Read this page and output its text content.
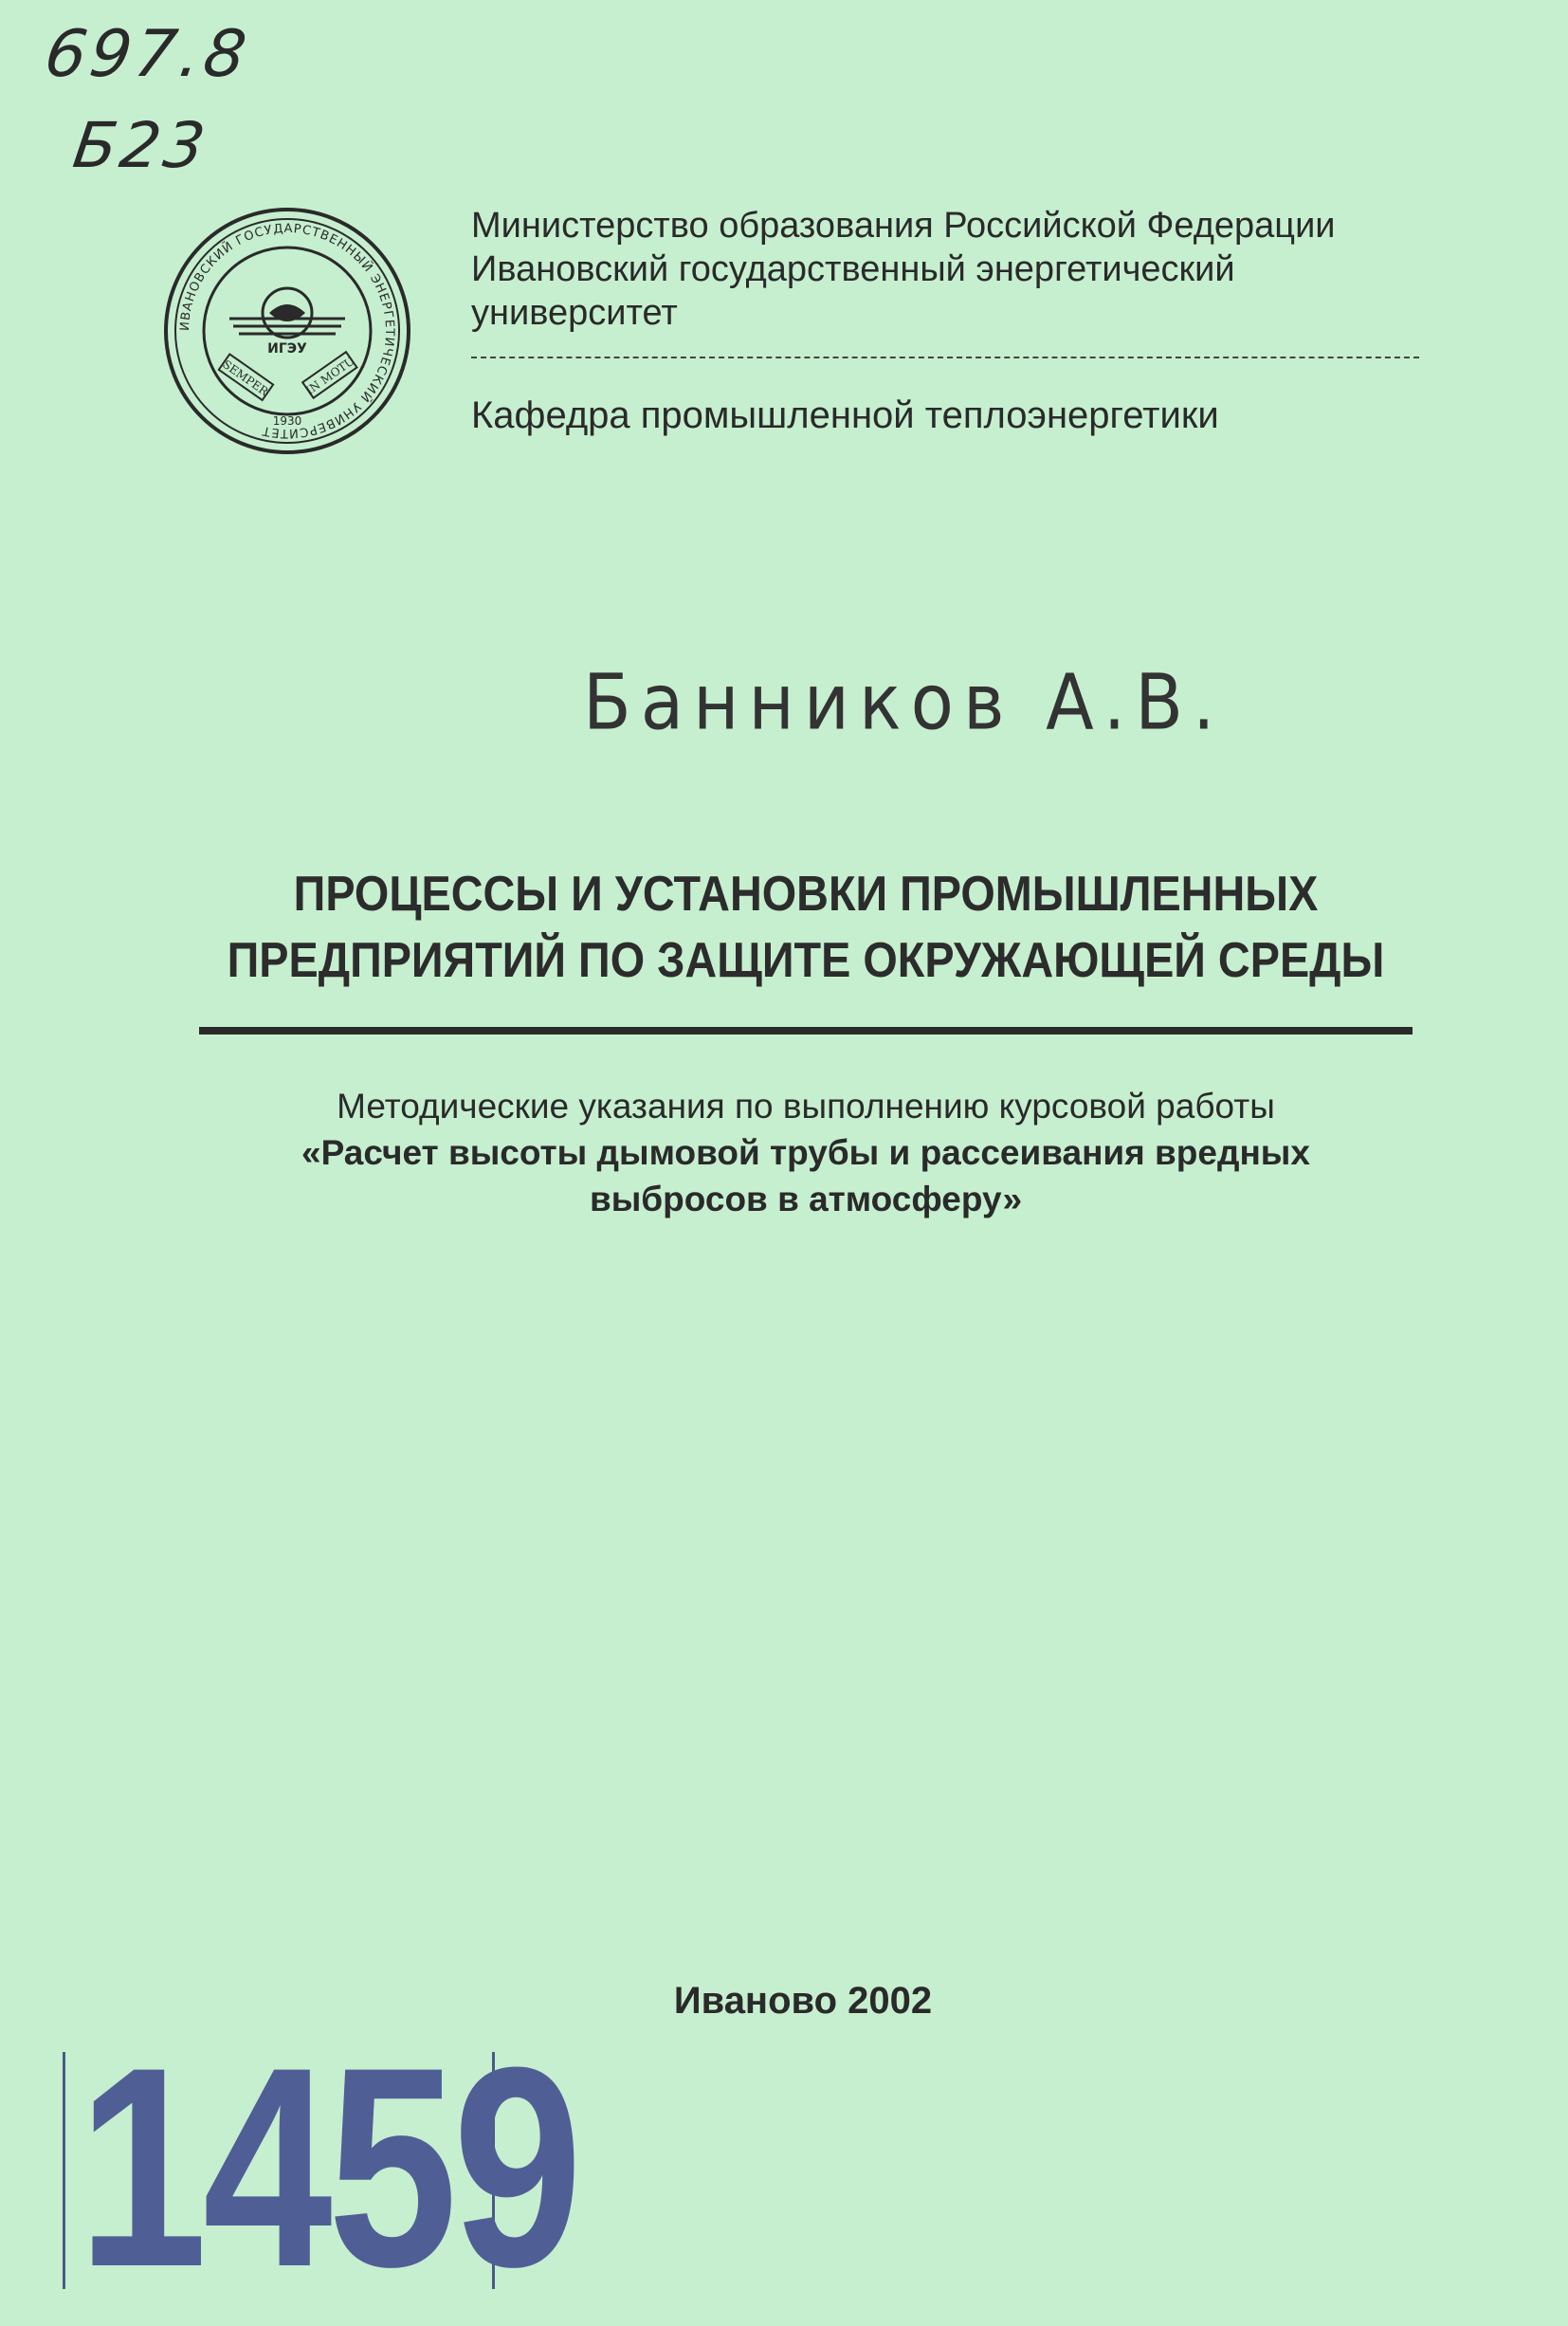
697.8
Б23
ИВАНОВСКИЙ ГОСУДАРСТВЕННЫЙ ЭНЕРГЕТИЧЕСКИЙ УНИВЕРСИТЕТ
ИГЭУ
SEMPER	IN MOTU
1930
Министерство образования Российской Федерации
Ивановский государственный энергетический
университет
Кафедра промышленной теплоэнергетики
Банников А.В.
ПРОЦЕССЫ И УСТАНОВКИ ПРОМЫШЛЕННЫХ
ПРЕДПРИЯТИЙ ПО ЗАЩИТЕ ОКРУЖАЮЩЕЙ СРЕДЫ
Методические указания по выполнению курсовой работы
«Расчет высоты дымовой трубы и рассеивания вредных
выбросов в атмосферу»
Иваново 2002
1459
